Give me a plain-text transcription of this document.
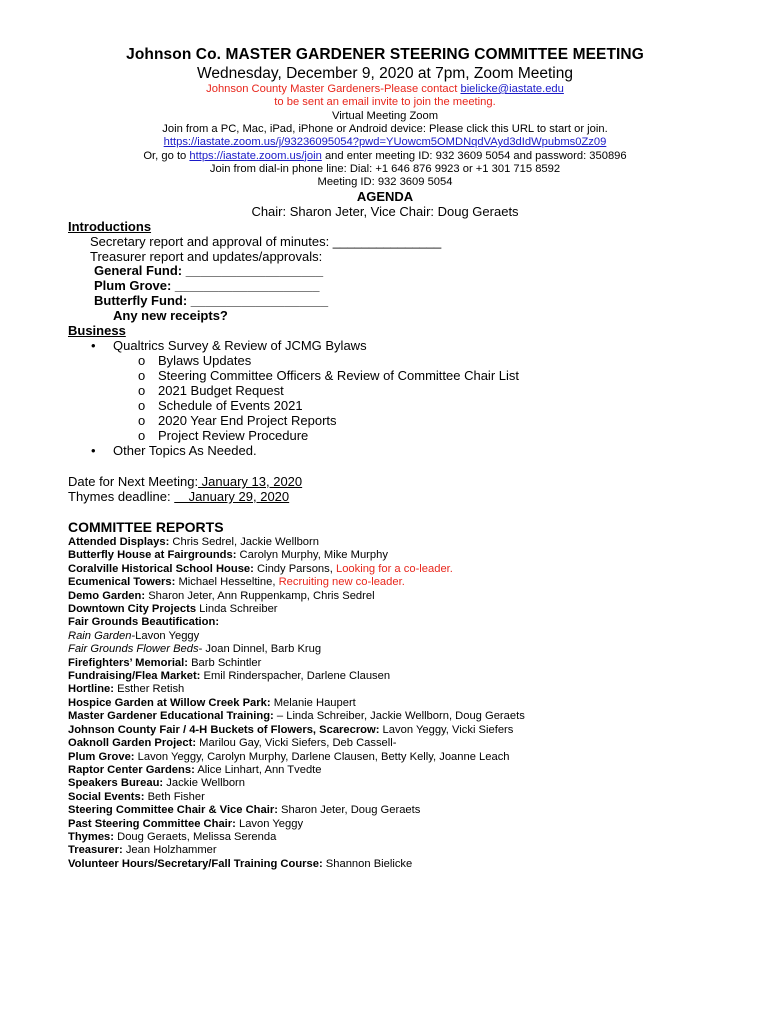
Johnson Co. MASTER GARDENER STEERING COMMITTEE MEETING
Wednesday, December 9, 2020 at 7pm, Zoom Meeting
Johnson County Master Gardeners-Please contact bielicke@iastate.edu
to be sent an email invite to join the meeting.
Virtual Meeting Zoom
Join from a PC, Mac, iPad, iPhone or Android device: Please click this URL to start or join.
https://iastate.zoom.us/j/93236095054?pwd=YUowcm5OMDNqdVAyd3dIdWpubms0Zz09
Or, go to https://iastate.zoom.us/join and enter meeting ID: 932 3609 5054 and password: 350896
Join from dial-in phone line: Dial: +1 646 876 9923 or +1 301 715 8592
Meeting ID: 932 3609 5054
AGENDA
Chair: Sharon Jeter, Vice Chair: Doug Geraets
Introductions
Secretary report and approval of minutes: _______________
Treasurer report and updates/approvals:
General Fund: ___________________
Plum Grove: ____________________
Butterfly Fund: ___________________
Any new receipts?
Business
• Qualtrics Survey & Review of JCMG Bylaws
o Bylaws Updates
o Steering Committee Officers & Review of Committee Chair List
o 2021 Budget Request
o Schedule of Events 2021
o 2020 Year End Project Reports
o Project Review Procedure
• Other Topics As Needed.
Date for Next Meeting: January 13, 2020
Thymes deadline:     January 29, 2020
COMMITTEE REPORTS
Attended Displays: Chris Sedrel, Jackie Wellborn
Butterfly House at Fairgrounds: Carolyn Murphy, Mike Murphy
Coralville Historical School House: Cindy Parsons, Looking for a co-leader.
Ecumenical Towers: Michael Hesseltine, Recruiting new co-leader.
Demo Garden: Sharon Jeter, Ann Ruppenkamp, Chris Sedrel
Downtown City Projects Linda Schreiber
Fair Grounds Beautification:
Rain Garden-Lavon Yeggy
Fair Grounds Flower Beds- Joan Dinnel, Barb Krug
Firefighters’ Memorial: Barb Schintler
Fundraising/Flea Market: Emil Rinderspacher, Darlene Clausen
Hortline: Esther Retish
Hospice Garden at Willow Creek Park: Melanie Haupert
Master Gardener Educational Training: – Linda Schreiber, Jackie Wellborn, Doug Geraets
Johnson County Fair / 4-H Buckets of Flowers, Scarecrow: Lavon Yeggy, Vicki Siefers
Oaknoll Garden Project: Marilou Gay, Vicki Siefers, Deb Cassell-
Plum Grove: Lavon Yeggy, Carolyn Murphy, Darlene Clausen, Betty Kelly, Joanne Leach
Raptor Center Gardens: Alice Linhart, Ann Tvedte
Speakers Bureau: Jackie Wellborn
Social Events: Beth Fisher
Steering Committee Chair & Vice Chair: Sharon Jeter, Doug Geraets
Past Steering Committee Chair: Lavon Yeggy
Thymes: Doug Geraets, Melissa Serenda
Treasurer: Jean Holzhammer
Volunteer Hours/Secretary/Fall Training Course: Shannon Bielicke
